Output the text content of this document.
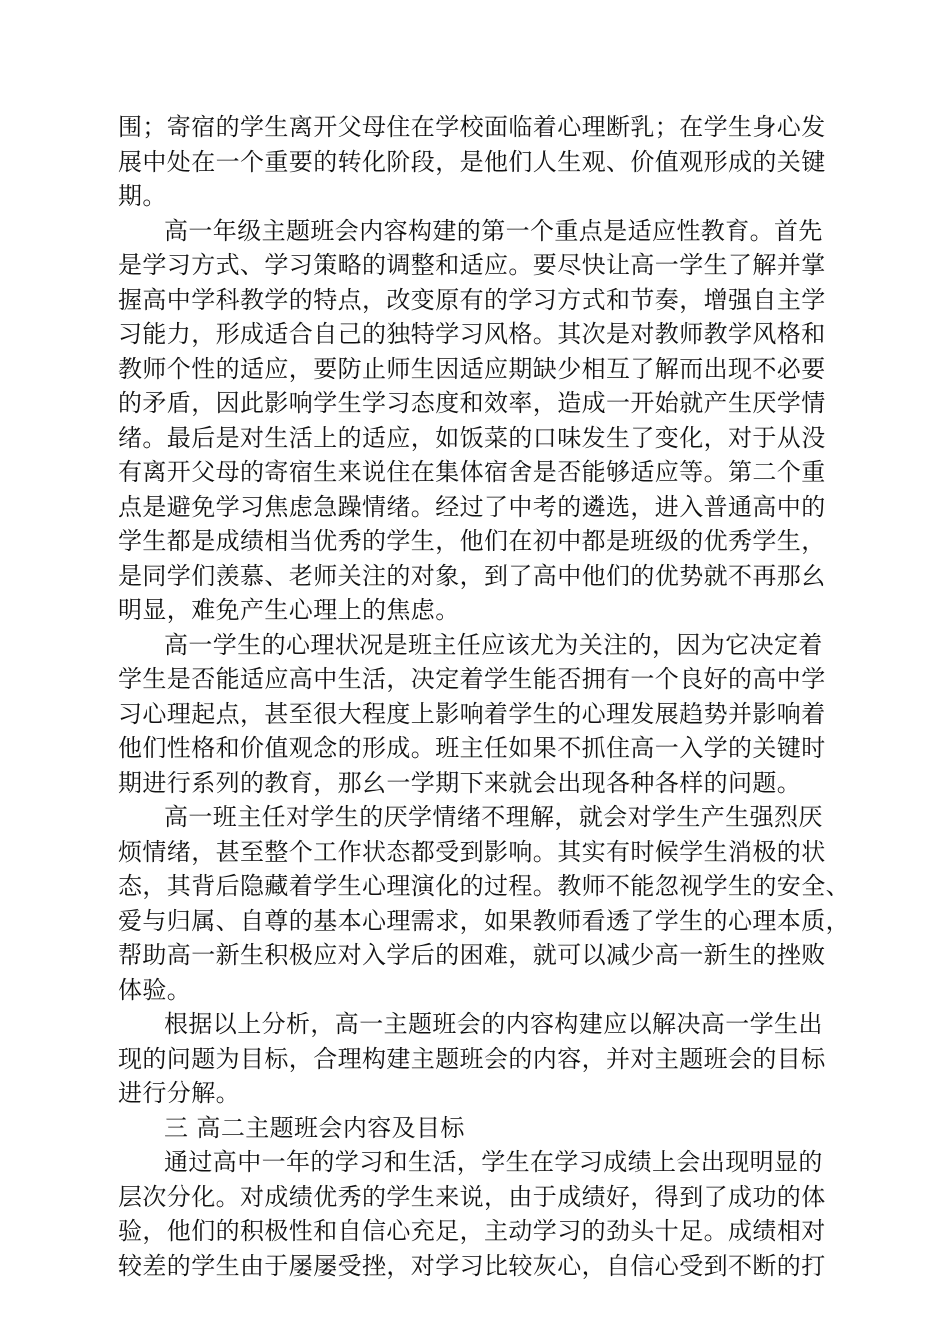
围；寄宿的学生离开父母住在学校面临着心理断乳；在学生身心发
展中处在一个重要的转化阶段，是他们人生观、价值观形成的关键
期。
高一年级主题班会内容构建的第一个重点是适应性教育。首先
是学习方式、学习策略的调整和适应。要尽快让高一学生了解并掌
握高中学科教学的特点，改变原有的学习方式和节奏，增强自主学
习能力，形成适合自己的独特学习风格。其次是对教师教学风格和
教师个性的适应，要防止师生因适应期缺少相互了解而出现不必要
的矛盾，因此影响学生学习态度和效率，造成一开始就产生厌学情
绪。最后是对生活上的适应，如饭菜的口味发生了变化，对于从没
有离开父母的寄宿生来说住在集体宿舍是否能够适应等。第二个重
点是避免学习焦虑急躁情绪。经过了中考的遴选，进入普通高中的
学生都是成绩相当优秀的学生，他们在初中都是班级的优秀学生，
是同学们羡慕、老师关注的对象，到了高中他们的优势就不再那幺
明显，难免产生心理上的焦虑。
高一学生的心理状况是班主任应该尤为关注的，因为它决定着
学生是否能适应高中生活，决定着学生能否拥有一个良好的高中学
习心理起点，甚至很大程度上影响着学生的心理发展趋势并影响着
他们性格和价值观念的形成。班主任如果不抓住高一入学的关键时
期进行系列的教育，那幺一学期下来就会出现各种各样的问题。
高一班主任对学生的厌学情绪不理解，就会对学生产生强烈厌
烦情绪，甚至整个工作状态都受到影响。其实有时候学生消极的状
态，其背后隐藏着学生心理演化的过程。教师不能忽视学生的安全、
爱与归属、自尊的基本心理需求，如果教师看透了学生的心理本质，
帮助高一新生积极应对入学后的困难，就可以减少高一新生的挫败
体验。
根据以上分析，高一主题班会的内容构建应以解决高一学生出
现的问题为目标，合理构建主题班会的内容，并对主题班会的目标
进行分解。
三 高二主题班会内容及目标
通过高中一年的学习和生活，学生在学习成绩上会出现明显的
层次分化。对成绩优秀的学生来说，由于成绩好，得到了成功的体
验，他们的积极性和自信心充足，主动学习的劲头十足。成绩相对
较差的学生由于屡屡受挫，对学习比较灰心，自信心受到不断的打
